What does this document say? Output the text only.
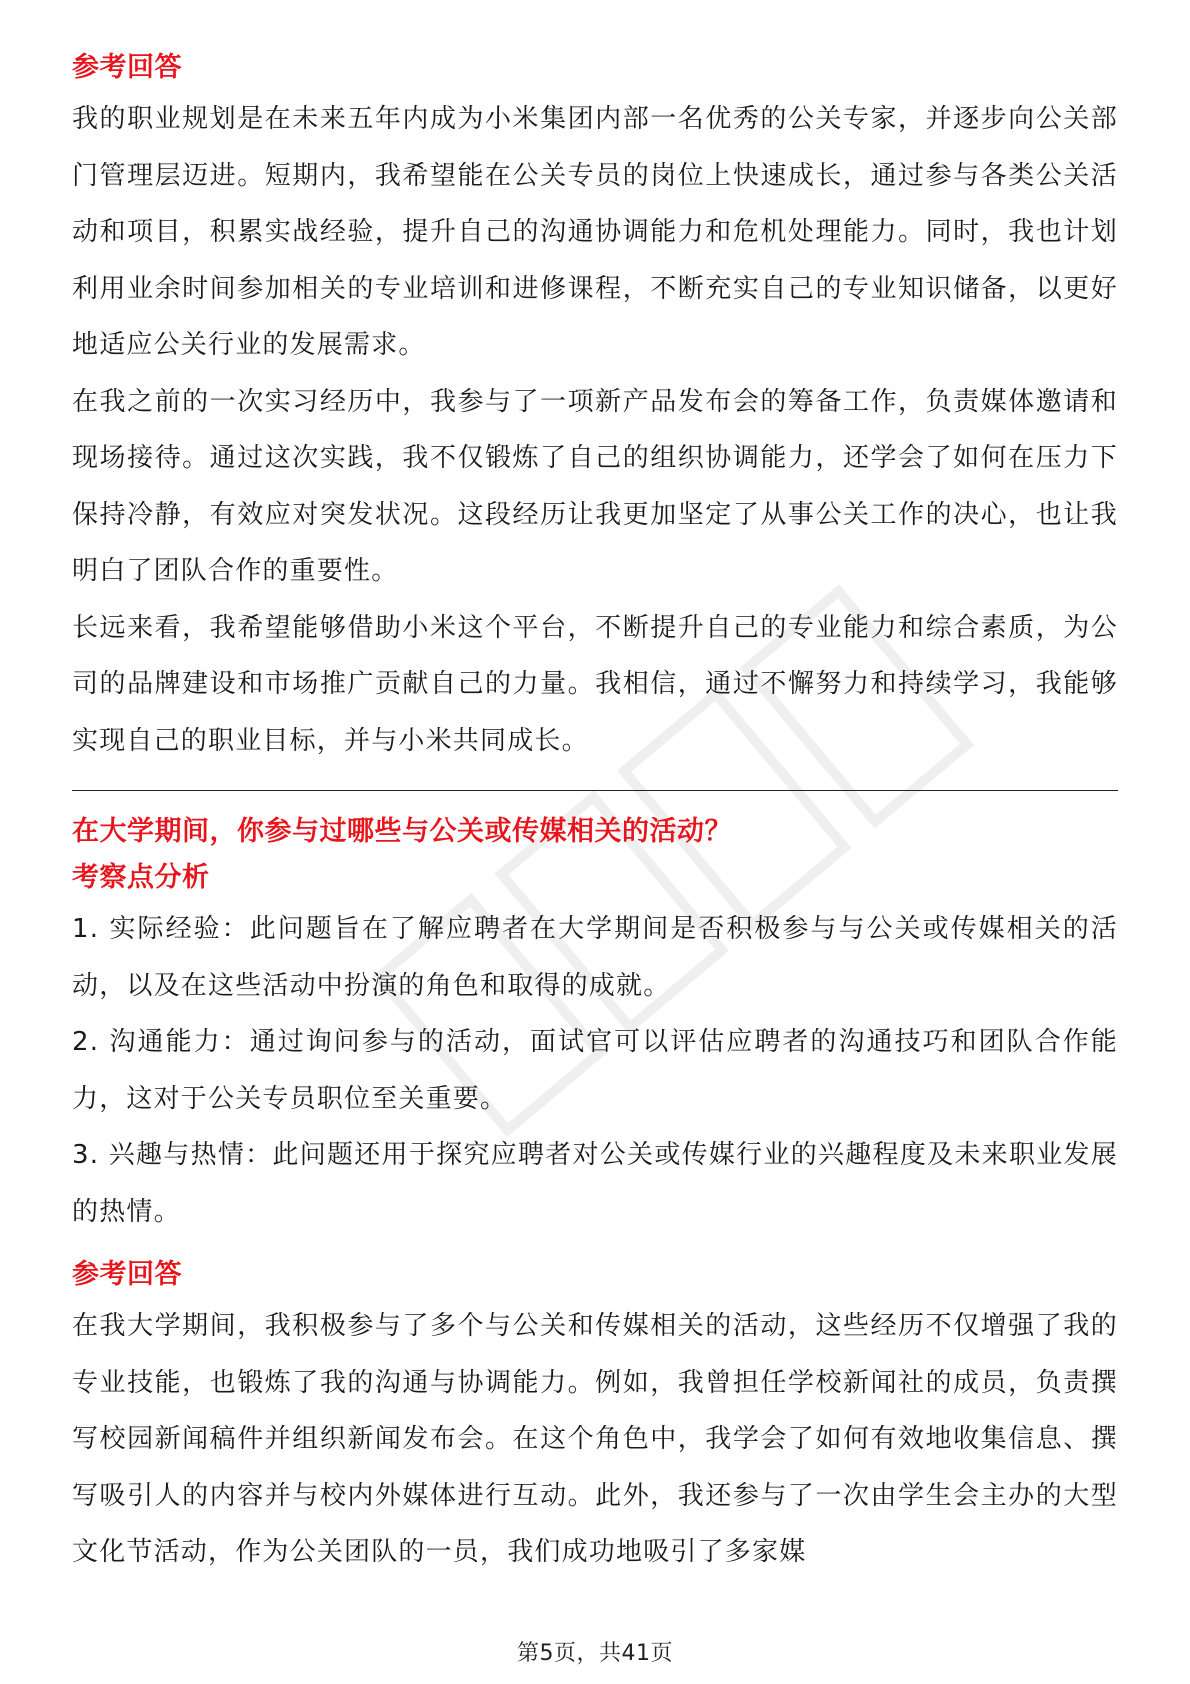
参考回答

我的职业规划是在未来五年内成为小米集团内部一名优秀的公关专家，并逐步向公关部门管理层迈进。短期内，我希望能在公关专员的岗位上快速成长，通过参与各类公关活动和项目，积累实战经验，提升自己的沟通协调能力和危机处理能力。同时，我也计划利用业余时间参加相关的专业培训和进修课程，不断充实自己的专业知识储备，以更好地适应公关行业的发展需求。

在我之前的一次实习经历中，我参与了一项新产品发布会的筹备工作，负责媒体邀请和现场接待。通过这次实践，我不仅锻炼了自己的组织协调能力，还学会了如何在压力下保持冷静，有效应对突发状况。这段经历让我更加坚定了从事公关工作的决心，也让我明白了团队合作的重要性。

长远来看，我希望能够借助小米这个平台，不断提升自己的专业能力和综合素质，为公司的品牌建设和市场推广贡献自己的力量。我相信，通过不懈努力和持续学习，我能够实现自己的职业目标，并与小米共同成长。

在大学期间，你参与过哪些与公关或传媒相关的活动？
考察点分析

1. 实际经验：此问题旨在了解应聘者在大学期间是否积极参与与公关或传媒相关的活动，以及在这些活动中扮演的角色和取得的成就。

2. 沟通能力：通过询问参与的活动，面试官可以评估应聘者的沟通技巧和团队合作能力，这对于公关专员职位至关重要。

3. 兴趣与热情：此问题还用于探究应聘者对公关或传媒行业的兴趣程度及未来职业发展的热情。

参考回答

在我大学期间，我积极参与了多个与公关和传媒相关的活动，这些经历不仅增强了我的专业技能，也锻炼了我的沟通与协调能力。例如，我曾担任学校新闻社的成员，负责撰写校园新闻稿件并组织新闻发布会。在这个角色中，我学会了如何有效地收集信息、撰写吸引人的内容并与校内外媒体进行互动。此外，我还参与了一次由学生会主办的大型文化节活动，作为公关团队的一员，我们成功地吸引了多家媒

第5页，共41页
